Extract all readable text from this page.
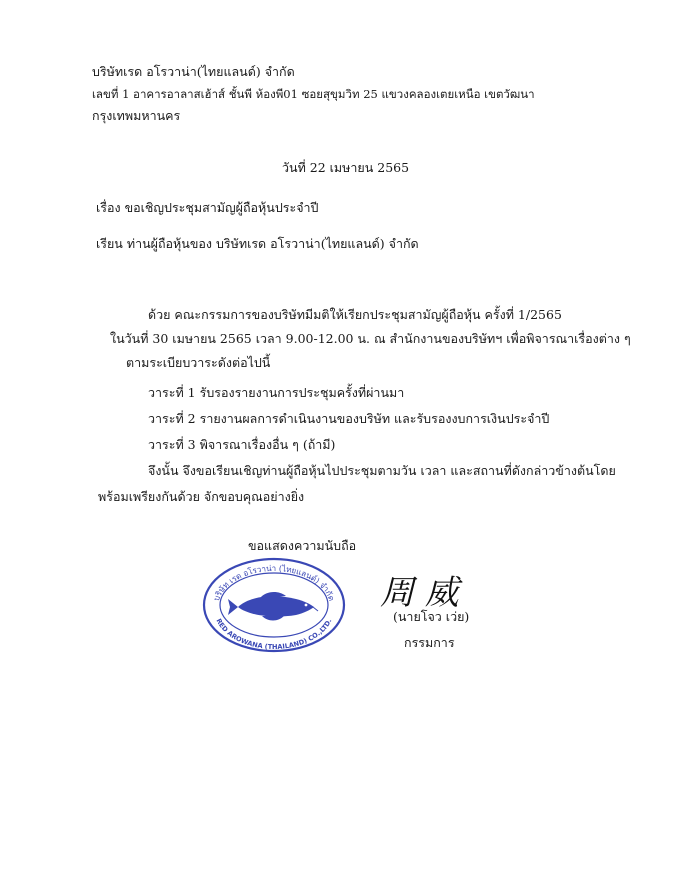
บริษัทเรด อโรวาน่า(ไทยแลนด์) จำกัด
เลขที่ 1 อาคารอาลาสเฮ้าส์ ชั้นพี ห้องพี01 ซอยสุขุมวิท 25 แขวงคลองเตยเหนือ เขตวัฒนา
กรุงเทพมหานคร
วันที่ 22 เมษายน 2565
เรื่อง ขอเชิญประชุมสามัญผู้ถือหุ้นประจำปี
เรียน ท่านผู้ถือหุ้นของ บริษัทเรด อโรวาน่า(ไทยแลนด์) จำกัด
ด้วย คณะกรรมการของบริษัทมีมติให้เรียกประชุมสามัญผู้ถือหุ้น ครั้งที่ 1/2565
ในวันที่ 30 เมษายน 2565 เวลา 9.00-12.00 น. ณ สำนักงานของบริษัทฯ เพื่อพิจารณาเรื่องต่าง ๆ
ตามระเบียบวาระดังต่อไปนี้
วาระที่ 1 รับรองรายงานการประชุมครั้งที่ผ่านมา
วาระที่ 2 รายงานผลการดำเนินงานของบริษัท และรับรองงบการเงินประจำปี
วาระที่ 3 พิจารณาเรื่องอื่น ๆ (ถ้ามี)
จึงนั้น จึงขอเรียนเชิญท่านผู้ถือหุ้นไปประชุมตามวัน เวลา และสถานที่ดังกล่าวข้างต้นโดย
พร้อมเพรียงกันด้วย จักขอบคุณอย่างยิ่ง
ขอแสดงความนับถือ
บริษัท เรด อโรวาน่า (ไทยแลนด์) จำกัด
RED AROWANA (THAILAND) CO.,LTD.
周 威
(นายโจว เว่ย)
กรรมการ
